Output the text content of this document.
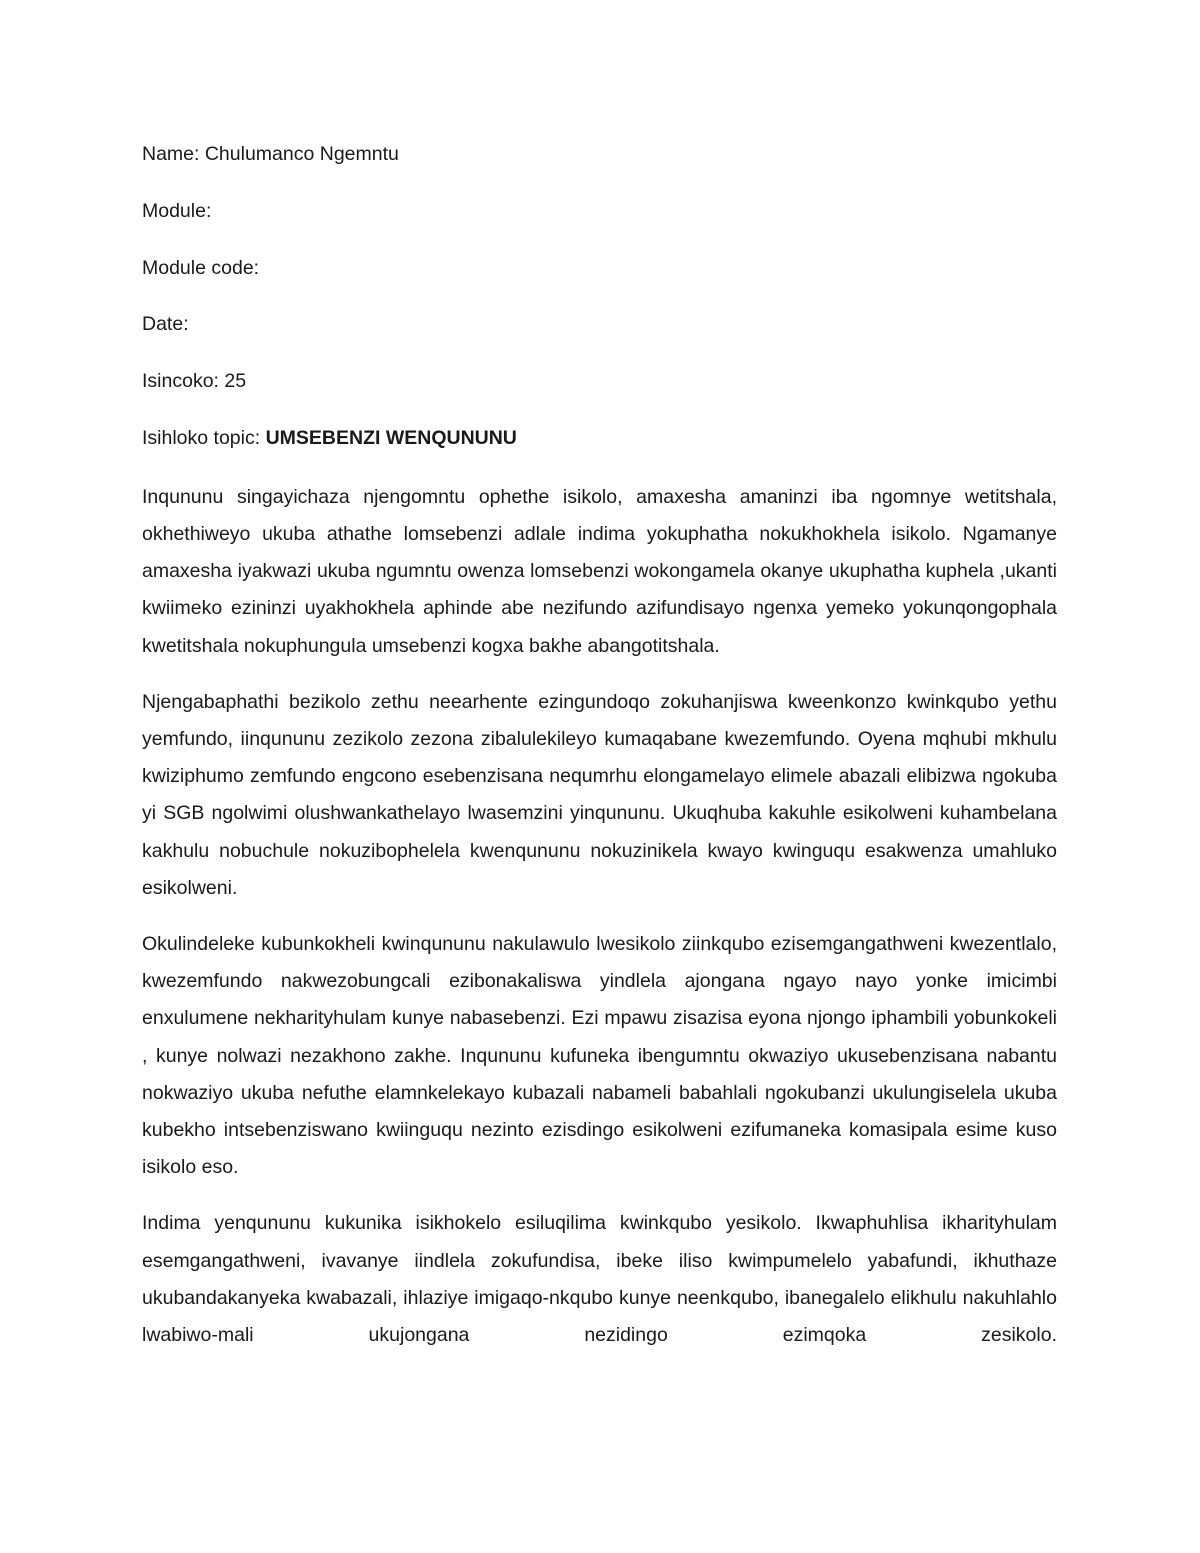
Name: Chulumanco Ngemntu

Module:

Module code:

Date:

Isincoko: 25

Isihloko topic: UMSEBENZI WENQUNUNU

Inqununu singayichaza njengomntu ophethe isikolo, amaxesha amaninzi iba ngomnye wetitshala, okhethiweyo ukuba athathe lomsebenzi adlale indima yokuphatha nokukhokhela isikolo. Ngamanye amaxesha iyakwazi ukuba ngumntu owenza lomsebenzi wokongamela okanye ukuphatha kuphela ,ukanti kwiimeko ezininzi uyakhokhela aphinde abe nezifundo azifundisayo ngenxa yemeko yokunqongophala kwetitshala nokuphungula umsebenzi kogxa bakhe abangotitshala.

Njengabaphathi bezikolo zethu neearhente ezingundoqo zokuhanjiswa kweenkonzo kwinkqubo yethu yemfundo, iinqununu zezikolo zezona zibalulekileyo kumaqabane kwezemfundo. Oyena mqhubi mkhulu kwiziphumo zemfundo engcono esebenzisana nequmrhu elongamelayo elimele abazali elibizwa ngokuba yi SGB ngolwimi olushwankathelayo lwasemzini yinqununu. Ukuqhuba kakuhle esikolweni kuhambelana kakhulu nobuchule nokuzibophelela kwenqununu nokuzinikela kwayo kwinguqu esakwenza umahluko esikolweni.

Okulindeleke kubunkokheli kwinqununu nakulawulo lwesikolo ziinkqubo ezisemgangathweni kwezentlalo, kwezemfundo nakwezobungcali ezibonakaliswa yindlela ajongana ngayo nayo yonke imicimbi enxulumene nekharityhulam kunye nabasebenzi. Ezi mpawu zisazisa eyona njongo iphambili yobunkokeli , kunye nolwazi nezakhono zakhe. Inqununu kufuneka ibengumntu okwaziyo ukusebenzisana nabantu nokwaziyo ukuba nefuthe elamnkelekayo kubazali nabameli babahlali ngokubanzi ukulungiselela ukuba kubekho intsebenziswano kwiinguqu nezinto ezisdingo esikolweni ezifumaneka komasipala esime kuso isikolo eso.

Indima yenqununu kukunika isikhokelo esiluqilima kwinkqubo yesikolo. Ikwaphuhlisa ikharityhulam esemgangathweni, ivavanye iindlela zokufundisa, ibeke iliso kwimpumelelo yabafundi, ikhuthaze ukubandakanyeka kwabazali, ihlaziye imigaqo-nkqubo kunye neenkqubo, ibanegalelo elikhulu nakuhlahlo lwabiwo-mali ukujongana nezidingo ezimqoka zesikolo.
